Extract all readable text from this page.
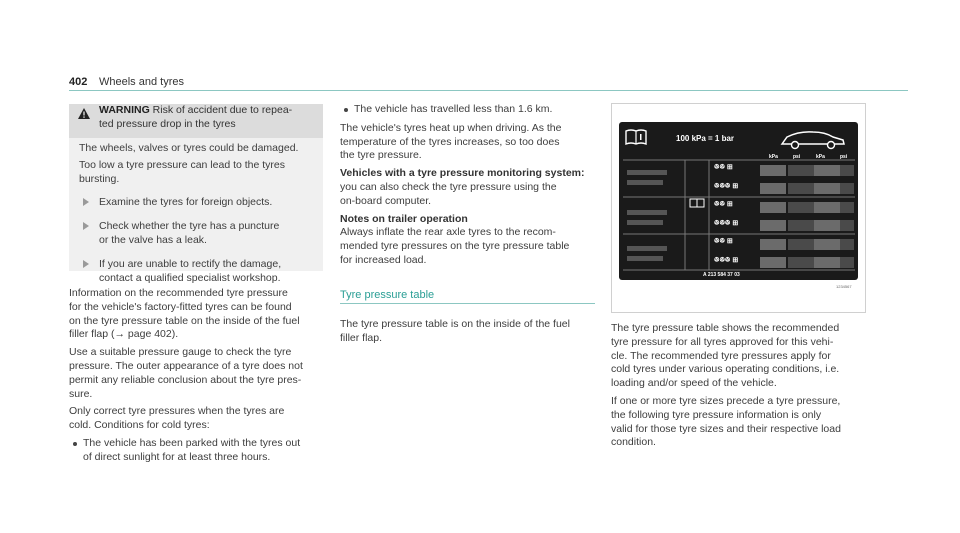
402 Wheels and tyres
WARNING Risk of accident due to repea-
ted pressure drop in the tyres

The wheels, valves or tyres could be damaged.

Too low a tyre pressure can lead to the tyres
bursting.

Examine the tyres for foreign objects.
Check whether the tyre has a puncture
or the valve has a leak.
If you are unable to rectify the damage,
contact a qualified specialist workshop.

Information on the recommended tyre pressure
for the vehicle's factory-fitted tyres can be found
on the tyre pressure table on the inside of the fuel
filler flap (→ page 402).

Use a suitable pressure gauge to check the tyre
pressure. The outer appearance of a tyre does not
permit any reliable conclusion about the tyre pres-
sure.

Only correct tyre pressures when the tyres are
cold. Conditions for cold tyres:

The vehicle has been parked with the tyres out
of direct sunlight for at least three hours.
The vehicle has travelled less than 1.6 km.

The vehicle's tyres heat up when driving. As the
temperature of the tyres increases, so too does
the tyre pressure.

Vehicles with a tyre pressure monitoring system:
you can also check the tyre pressure using the
on-board computer.

Notes on trailer operation
Always inflate the rear axle tyres to the recom-
mended tyre pressures on the tyre pressure table
for increased load.

Tyre pressure table

The tyre pressure table is on the inside of the fuel
filler flap.

100 kPa = 1 bar
kPa	psi	kPa	psi
ꔮꔮ ⊞
ꔮꔮꔮ ⊞
ꔮꔮ ⊞
ꔮꔮꔮ ⊞
ꔮꔮ ⊞
ꔮꔮꔮ ⊞
A 213 584 37 03
1234567

The tyre pressure table shows the recommended
tyre pressure for all tyres approved for this vehi-
cle. The recommended tyre pressures apply for
cold tyres under various operating conditions, i.e.
loading and/or speed of the vehicle.

If one or more tyre sizes precede a tyre pressure,
the following tyre pressure information is only
valid for those tyre sizes and their respective load
condition.
